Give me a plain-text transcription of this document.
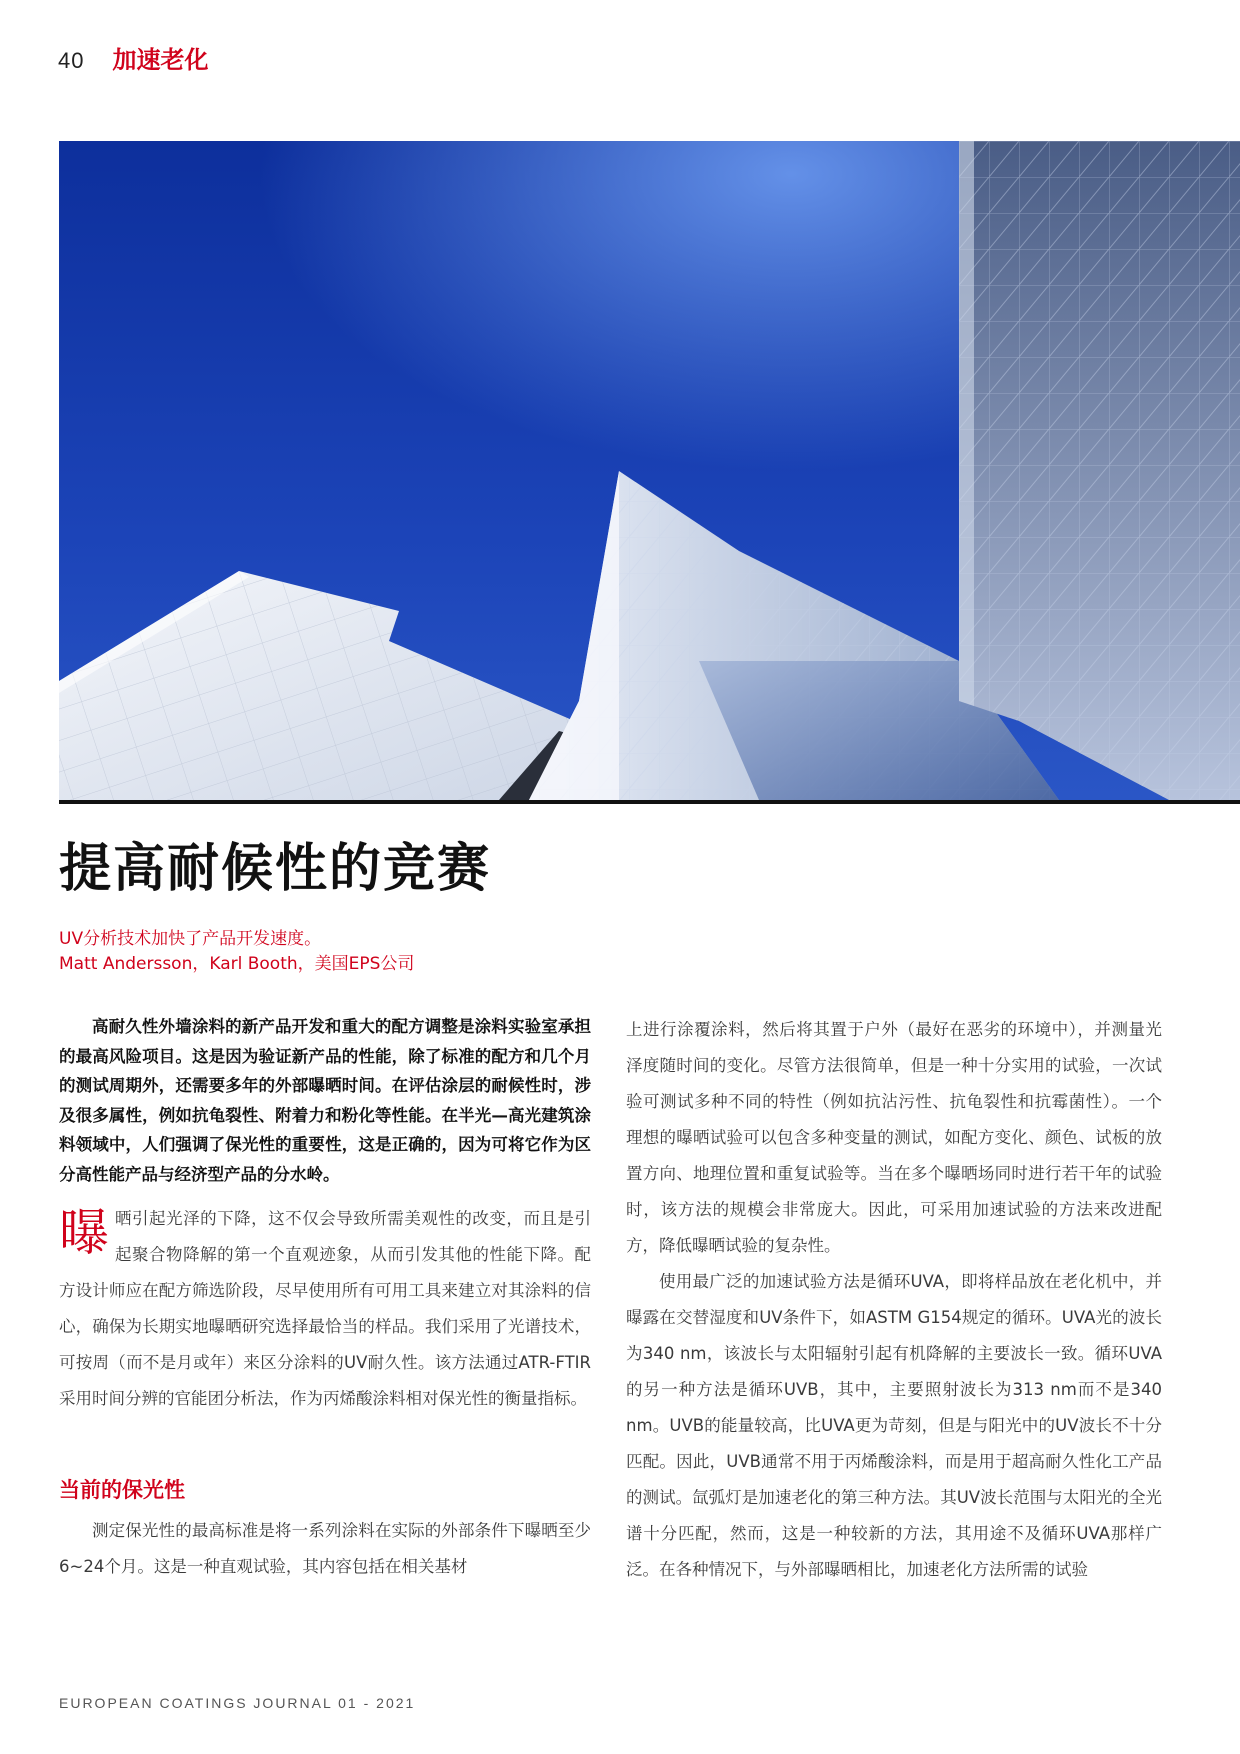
40 加速老化
提高耐候性的竞赛
UV分析技术加快了产品开发速度。
Matt Andersson，Karl Booth，美国EPS公司

高耐久性外墙涂料的新产品开发和重大的配方调整是涂料实验室承担的最高风险项目。这是因为验证新产品的性能，除了标准的配方和几个月的测试周期外，还需要多年的外部曝晒时间。在评估涂层的耐候性时，涉及很多属性，例如抗龟裂性、附着力和粉化等性能。在半光—高光建筑涂料领域中，人们强调了保光性的重要性，这是正确的，因为可将它作为区分高性能产品与经济型产品的分水岭。

曝 晒引起光泽的下降，这不仅会导致所需美观性的改变，而且是引起聚合物降解的第一个直观迹象，从而引发其他的性能下降。配方设计师应在配方筛选阶段，尽早使用所有可用工具来建立对其涂料的信心，确保为长期实地曝晒研究选择最恰当的样品。我们采用了光谱技术，可按周（而不是月或年）来区分涂料的UV耐久性。该方法通过ATR-FTIR采用时间分辨的官能团分析法，作为丙烯酸涂料相对保光性的衡量指标。

当前的保光性

测定保光性的最高标准是将一系列涂料在实际的外部条件下曝晒至少6~24个月。这是一种直观试验，其内容包括在相关基材

上进行涂覆涂料，然后将其置于户外（最好在恶劣的环境中），并测量光泽度随时间的变化。尽管方法很简单，但是一种十分实用的试验，一次试验可测试多种不同的特性（例如抗沾污性、抗龟裂性和抗霉菌性）。一个理想的曝晒试验可以包含多种变量的测试，如配方变化、颜色、试板的放置方向、地理位置和重复试验等。当在多个曝晒场同时进行若干年的试验时，该方法的规模会非常庞大。因此，可采用加速试验的方法来改进配方，降低曝晒试验的复杂性。

使用最广泛的加速试验方法是循环UVA，即将样品放在老化机中，并曝露在交替湿度和UV条件下，如ASTM G154规定的循环。UVA光的波长为340 nm，该波长与太阳辐射引起有机降解的主要波长一致。循环UVA的另一种方法是循环UVB，其中，主要照射波长为313 nm而不是340 nm。UVB的能量较高，比UVA更为苛刻，但是与阳光中的UV波长不十分匹配。因此，UVB通常不用于丙烯酸涂料，而是用于超高耐久性化工产品的测试。氙弧灯是加速老化的第三种方法。其UV波长范围与太阳光的全光谱十分匹配，然而，这是一种较新的方法，其用途不及循环UVA那样广泛。在各种情况下，与外部曝晒相比，加速老化方法所需的试验

EUROPEAN COATINGS JOURNAL 01 - 2021
